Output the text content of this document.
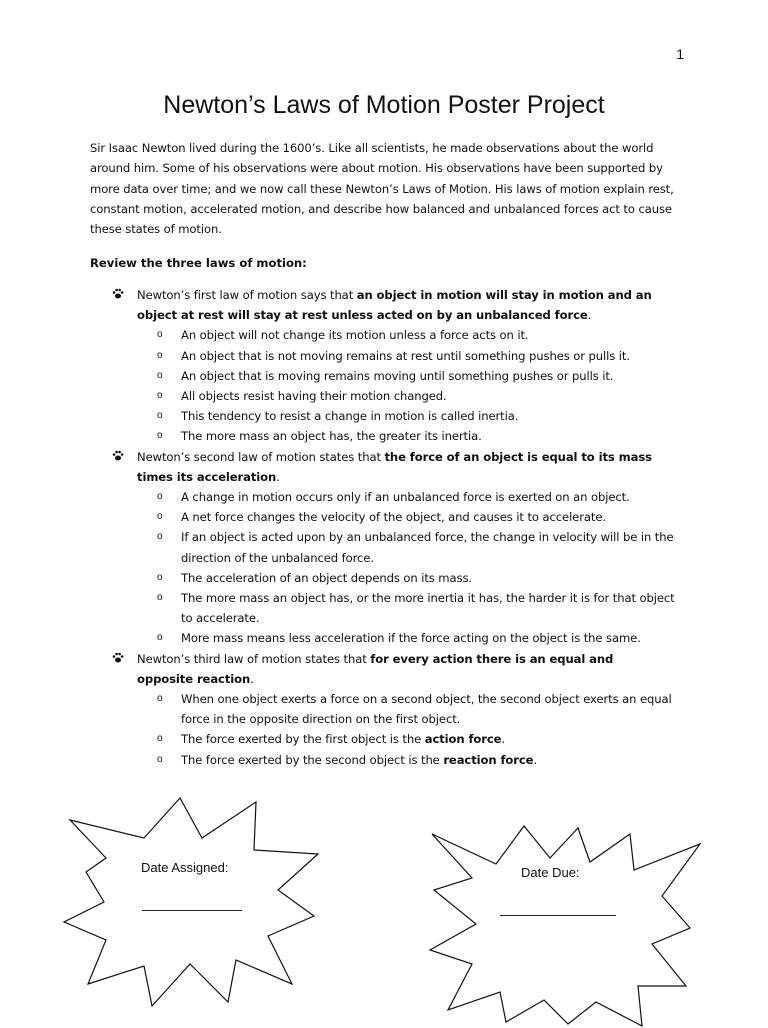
1
Newton’s Laws of Motion Poster Project

Sir Isaac Newton lived during the 1600’s. Like all scientists, he made observations about the world around him. Some of his observations were about motion. His observations have been supported by more data over time; and we now call these Newton’s Laws of Motion. His laws of motion explain rest, constant motion, accelerated motion, and describe how balanced and unbalanced forces act to cause these states of motion.

Review the three laws of motion:

Newton’s first law of motion says that an object in motion will stay in motion and an object at rest will stay at rest unless acted on by an unbalanced force.
o An object will not change its motion unless a force acts on it.
o An object that is not moving remains at rest until something pushes or pulls it.
o An object that is moving remains moving until something pushes or pulls it.
o All objects resist having their motion changed.
o This tendency to resist a change in motion is called inertia.
o The more mass an object has, the greater its inertia.
Newton’s second law of motion states that the force of an object is equal to its mass times its acceleration.
o A change in motion occurs only if an unbalanced force is exerted on an object.
o A net force changes the velocity of the object, and causes it to accelerate.
o If an object is acted upon by an unbalanced force, the change in velocity will be in the direction of the unbalanced force.
o The acceleration of an object depends on its mass.
o The more mass an object has, or the more inertia it has, the harder it is for that object to accelerate.
o More mass means less acceleration if the force acting on the object is the same.
Newton’s third law of motion states that for every action there is an equal and opposite reaction.
o When one object exerts a force on a second object, the second object exerts an equal force in the opposite direction on the first object.
o The force exerted by the first object is the action force.
o The force exerted by the second object is the reaction force.
Date Assigned:	Date Due:
